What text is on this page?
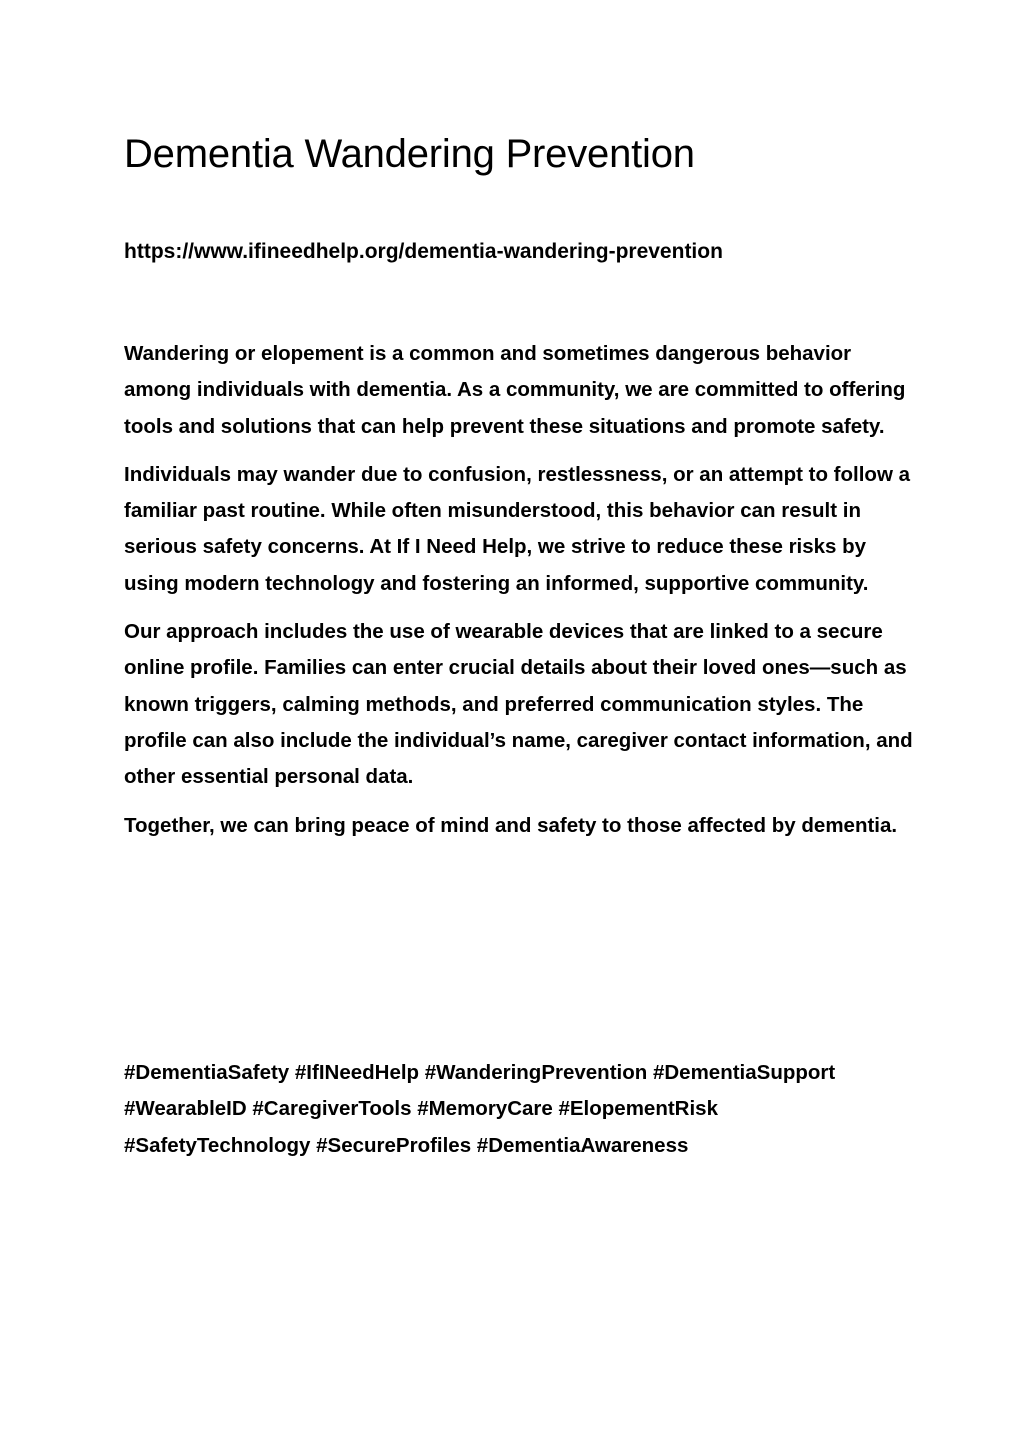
Dementia Wandering Prevention
https://www.ifineedhelp.org/dementia-wandering-prevention

Wandering or elopement is a common and sometimes dangerous behavior among individuals with dementia. As a community, we are committed to offering tools and solutions that can help prevent these situations and promote safety.

Individuals may wander due to confusion, restlessness, or an attempt to follow a familiar past routine. While often misunderstood, this behavior can result in serious safety concerns. At If I Need Help, we strive to reduce these risks by using modern technology and fostering an informed, supportive community.

Our approach includes the use of wearable devices that are linked to a secure online profile. Families can enter crucial details about their loved ones—such as known triggers, calming methods, and preferred communication styles. The profile can also include the individual’s name, caregiver contact information, and other essential personal data.

Together, we can bring peace of mind and safety to those affected by dementia.

#DementiaSafety #IfINeedHelp #WanderingPrevention #DementiaSupport #WearableID #CaregiverTools #MemoryCare #ElopementRisk #SafetyTechnology #SecureProfiles #DementiaAwareness
